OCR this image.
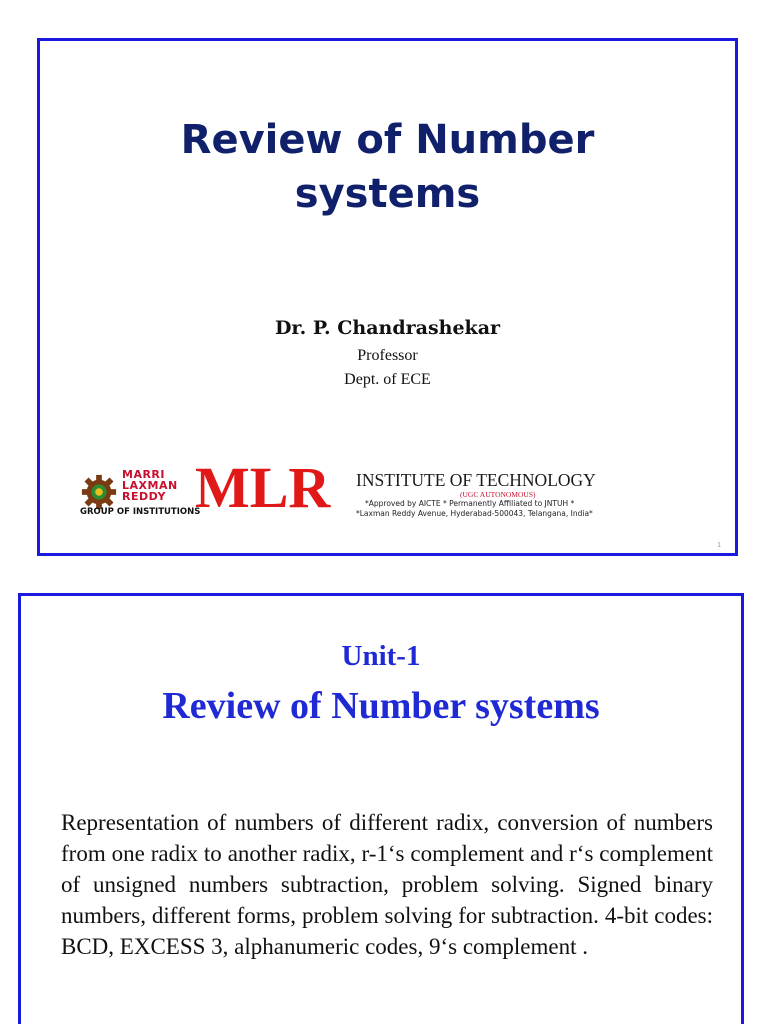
Review of Number
systems
Dr. P. Chandrashekar
Professor
Dept. of ECE
MARRI
LAXMAN
REDDY
GROUP OF INSTITUTIONS
MLR INSTITUTE OF TECHNOLOGY
(UGC AUTONOMOUS)
*Approved by AICTE * Permanently Affiliated to JNTUH *
*Laxman Reddy Avenue, Hyderabad-500043, Telangana, India*
1
Unit-1
Review of Number systems
Representation of numbers of different radix, conversion of numbers from one radix to another radix, r-1‘s complement and r‘s complement of unsigned numbers subtraction, problem solving. Signed binary numbers, different forms, problem solving for subtraction. 4-bit codes: BCD, EXCESS 3, alphanumeric codes, 9‘s complement .
